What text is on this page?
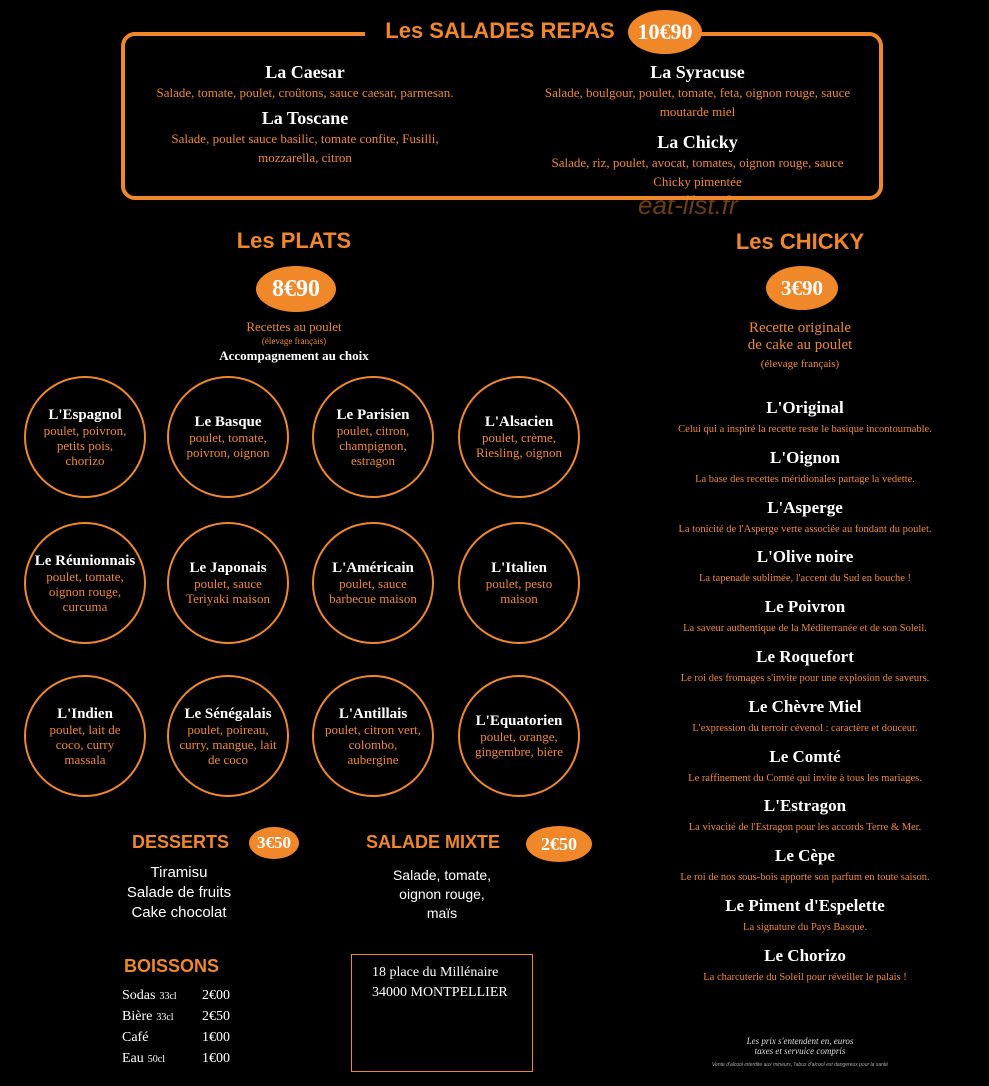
Les SALADES REPAS	10€90
La Caesar
Salade, tomate, poulet, croûtons, sauce caesar, parmesan.
La Toscane
Salade, poulet sauce basilic, tomate confite, Fusilli, mozzarella, citron
La Syracuse
Salade, boulgour, poulet, tomate, feta, oignon rouge, sauce moutarde miel
La Chicky
Salade, riz, poulet, avocat, tomates, oignon rouge, sauce Chicky pimentée
eat-list.fr
Les PLATS
8€90
Recettes au poulet
(élevage français)
Accompagnement au choix
L'Espagnol
poulet, poivron, petits pois, chorizo
Le Basque
poulet, tomate, poivron, oignon
Le Parisien
poulet, citron, champignon, estragon
L'Alsacien
poulet, crème, Riesling, oignon
Le Réunionnais
poulet, tomate, oignon rouge, curcuma
Le Japonais
poulet, sauce Teriyaki maison
L'Américain
poulet, sauce barbecue maison
L'Italien
poulet, pesto maison
L'Indien
poulet, lait de coco, curry massala
Le Sénégalais
poulet, poireau, curry, mangue, lait de coco
L'Antillais
poulet, citron vert, colombo, aubergine
L'Equatorien
poulet, orange, gingembre, bière
Les CHICKY
3€90
Recette originale
de cake au poulet
(élevage français)
L'Original
Celui qui a inspiré la recette reste le basique incontournable.
L'Oignon
La base des recettes méridionales partage la vedette.
L'Asperge
La tonicité de l'Asperge verte associée au fondant du poulet.
L'Olive noire
La tapenade sublimée, l'accent du Sud en bouche !
Le Poivron
La saveur authentique de la Méditerranée et de son Soleil.
Le Roquefort
Le roi des fromages s'invite pour une explosion de saveurs.
Le Chèvre Miel
L'expression du terroir cévenol : caractère et douceur.
Le Comté
Le raffinement du Comté qui invite à tous les mariages.
L'Estragon
La vivacité de l'Estragon pour les accords Terre & Mer.
Le Cèpe
Le roi de nos sous-bois apporte son parfum en toute saison.
Le Piment d'Espelette
La signature du Pays Basque.
Le Chorizo
La charcuterie du Soleil pour réveiller le palais !
DESSERTS	3€50
Tiramisu
Salade de fruits
Cake chocolat
SALADE MIXTE	2€50
Salade, tomate,
oignon rouge,
maïs
BOISSONS
Sodas 33cl 2€00
Bière 33cl 2€50
Café	1€00
Eau 50cl	1€00
18 place du Millénaire
34000 MONTPELLIER
Les prix s'entendent en, euros
taxes et servuice compris
Vente d'alcool interdite aux mineurs, l'abus d'alcool est dangereux pour la santé
